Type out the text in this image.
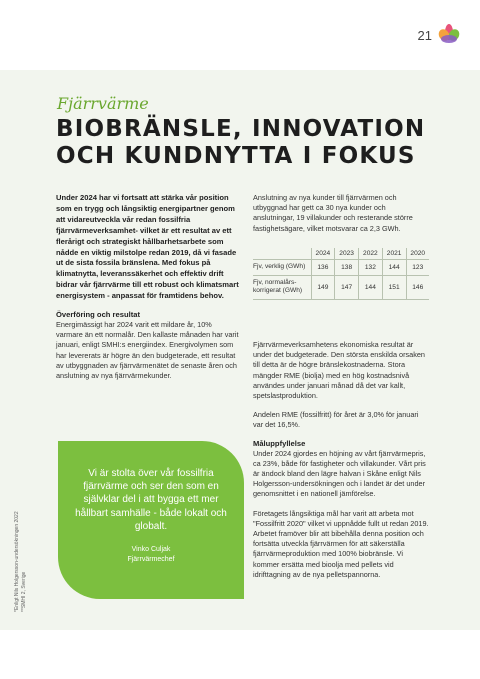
21
Fjärrvärme
BIOBRÄNSLE, INNOVATION
OCH KUNDNYTTA I FOKUS

Under 2024 har vi fortsatt att stärka vår position som en trygg och långsiktig energipartner genom att vidareutveckla vår redan fossilfria fjärrvärmeverksamhet- vilket är ett resultat av ett flerårigt och strategiskt hållbarhetsarbete som nådde en viktig milstolpe redan 2019, då vi fasade ut de sista fossila bränslena. Med fokus på klimatnytta, leveranssäkerhet och effektiv drift bidrar vår fjärrvärme till ett robust och klimatsmart energisystem - anpassat för framtidens behov.

Överföring och resultat

Energimässigt har 2024 varit ett mildare år, 10% varmare än ett normalår. Den kallaste månaden har varit januari, enligt SMHI:s energiindex. Energivolymen som har levererats är högre än den budgeterade, ett resultat av utbyggnaden av fjärrvärmenätet de senaste åren och anslutning av nya fjärrvärmekunder.

Anslutning av nya kunder till fjärrvärmen och utbyggnad har gett ca 30 nya kunder och anslutningar, 19 villakunder och resterande större fastighetsägare, vilket motsvarar ca 2,3 GWh.

	2024	2023	2022	2021	2020
Fjv, verklig (GWh)	136	138	132	144	123
Fjv, normalårs-korrigerat (GWh)	149	147	144	151	146

Fjärrvärmeverksamhetens ekonomiska resultat är under det budgeterade. Den största enskilda orsaken till detta är de högre bränslekostnaderna. Stora mängder RME (biolja) med en hög kostnadsnivå användes under januari månad då det var kallt, spetslastproduktion.

Andelen RME (fossilfritt) för året är 3,0% för januari var det 16,5%.

Måluppfyllelse

Under 2024 gjordes en höjning av vårt fjärrvärmepris, ca 23%, både för fastigheter och villakunder. Vårt pris är ändock bland den lägre halvan i Skåne enligt Nils Holgersson-undersökningen och i landet är det under genomsnittet i en nationell jämförelse.

Företagets långsiktiga mål har varit att arbeta mot "Fossilfritt 2020" vilket vi uppnådde fullt ut redan 2019. Arbetet framöver blir att bibehålla denna position och fortsätta utveckla fjärrvärmen för att säkerställa fjärrvärmeproduktion med 100% biobränsle. Vi kommer ersätta med bioolja med pellets vid idrifttagning av de nya pelletspannorna.

Vi är stolta över vår fossilfria fjärrvärme och ser den som en självklar del i att bygga ett mer hållbart samhälle - både lokalt och globalt.

Vinko Culjak
Fjärrvärmechef

*Enligt Nils Holgersson-undersökningen 2022
**SMHI 2, Sverige
